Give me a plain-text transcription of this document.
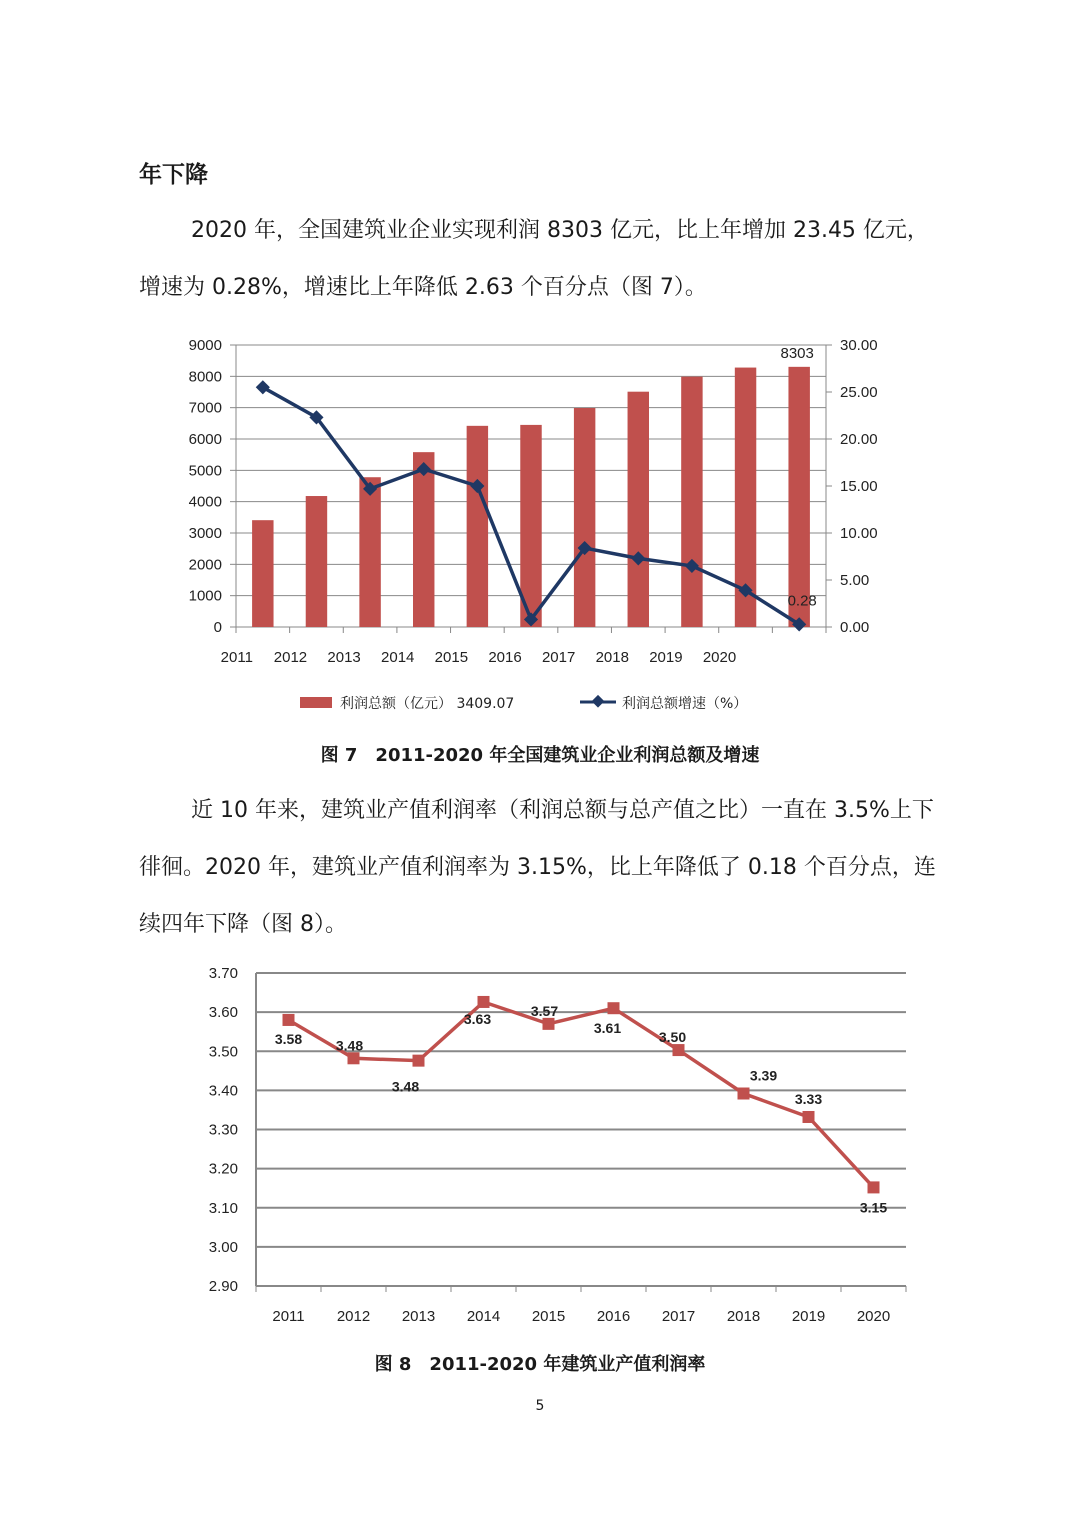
年下降

2020 年，全国建筑业企业实现利润 8303 亿元，比上年增加 23.45 亿元，增速为 0.28%，增速比上年降低 2.63 个百分点（图 7）。

0
1000
2000
3000
4000
5000
6000
7000
8000
9000
0.00
5.00
10.00
15.00
20.00
25.00
30.00
8303
0.28
2011 2012 2013 2014 2015 2016 2017 2018 2019 2020
利润总额（亿元） 3409.07	利润总额增速（%）
图 7　2011-2020 年全国建筑业企业利润总额及增速

近 10 年来，建筑业产值利润率（利润总额与总产值之比）一直在 3.5%上下徘徊。2020 年，建筑业产值利润率为 3.15%，比上年降低了 0.18 个百分点，连续四年下降（图 8）。

2.90
3.00
3.10
3.20
3.30
3.40
3.50
3.60
3.70
2011 2012 2013 2014 2015 2016 2017 2018 2019 2020
3.58 3.48
3.48
3.63
3.57
3.61
3.50
3.39
3.33
3.15
图 8　2011-2020 年建筑业产值利润率
5
